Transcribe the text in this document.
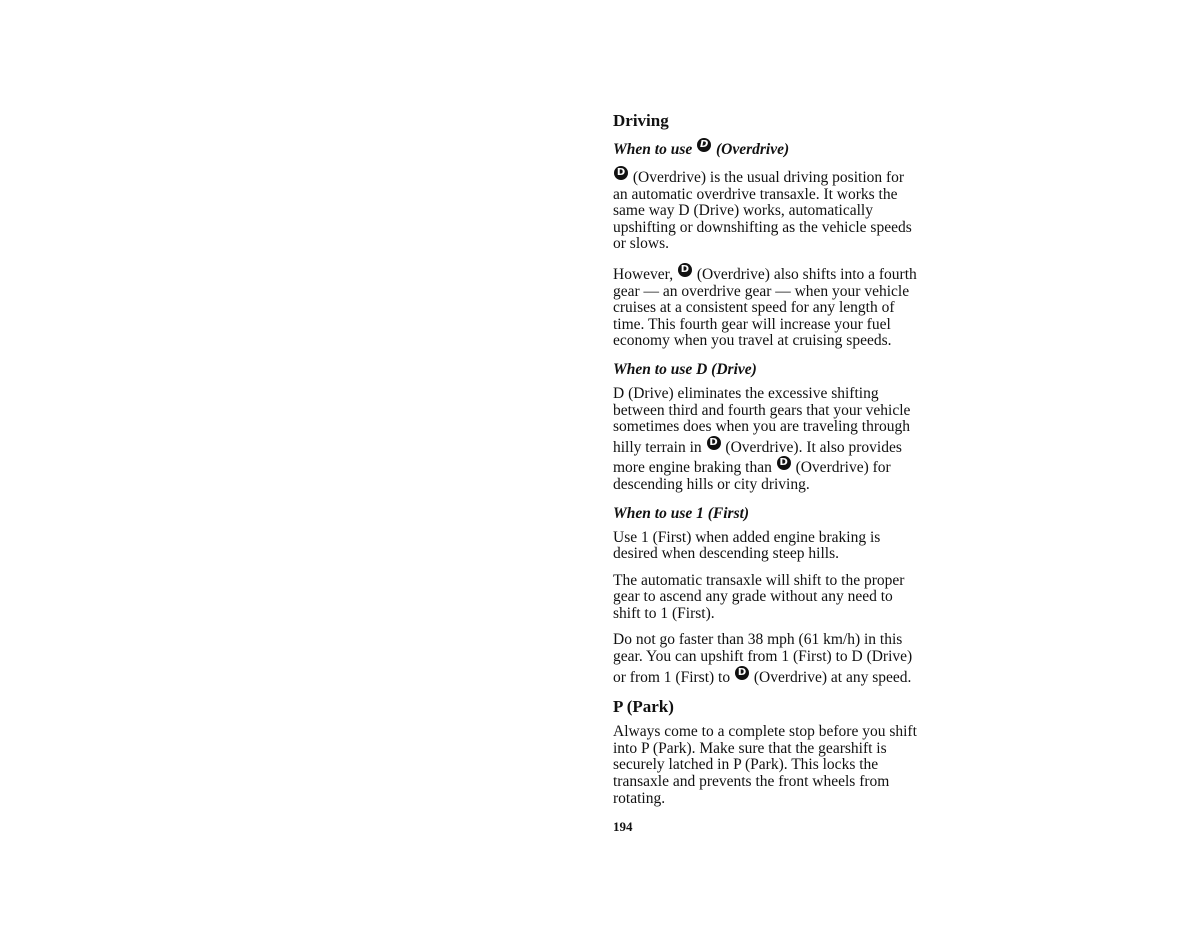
Driving
When to use D (Overdrive)
D (Overdrive) is the usual driving position for
an automatic overdrive transaxle. It works the
same way D (Drive) works, automatically
upshifting or downshifting as the vehicle speeds
or slows.
However, D (Overdrive) also shifts into a fourth
gear — an overdrive gear — when your vehicle
cruises at a consistent speed for any length of
time. This fourth gear will increase your fuel
economy when you travel at cruising speeds.
When to use D (Drive)
D (Drive) eliminates the excessive shifting
between third and fourth gears that your vehicle
sometimes does when you are traveling through
hilly terrain in D (Overdrive). It also provides
more engine braking than D (Overdrive) for
descending hills or city driving.
When to use 1 (First)
Use 1 (First) when added engine braking is
desired when descending steep hills.
The automatic transaxle will shift to the proper
gear to ascend any grade without any need to
shift to 1 (First).
Do not go faster than 38 mph (61 km/h) in this
gear. You can upshift from 1 (First) to D (Drive)
or from 1 (First) to D (Overdrive) at any speed.
P (Park)
Always come to a complete stop before you shift
into P (Park). Make sure that the gearshift is
securely latched in P (Park). This locks the
transaxle and prevents the front wheels from
rotating.
194
